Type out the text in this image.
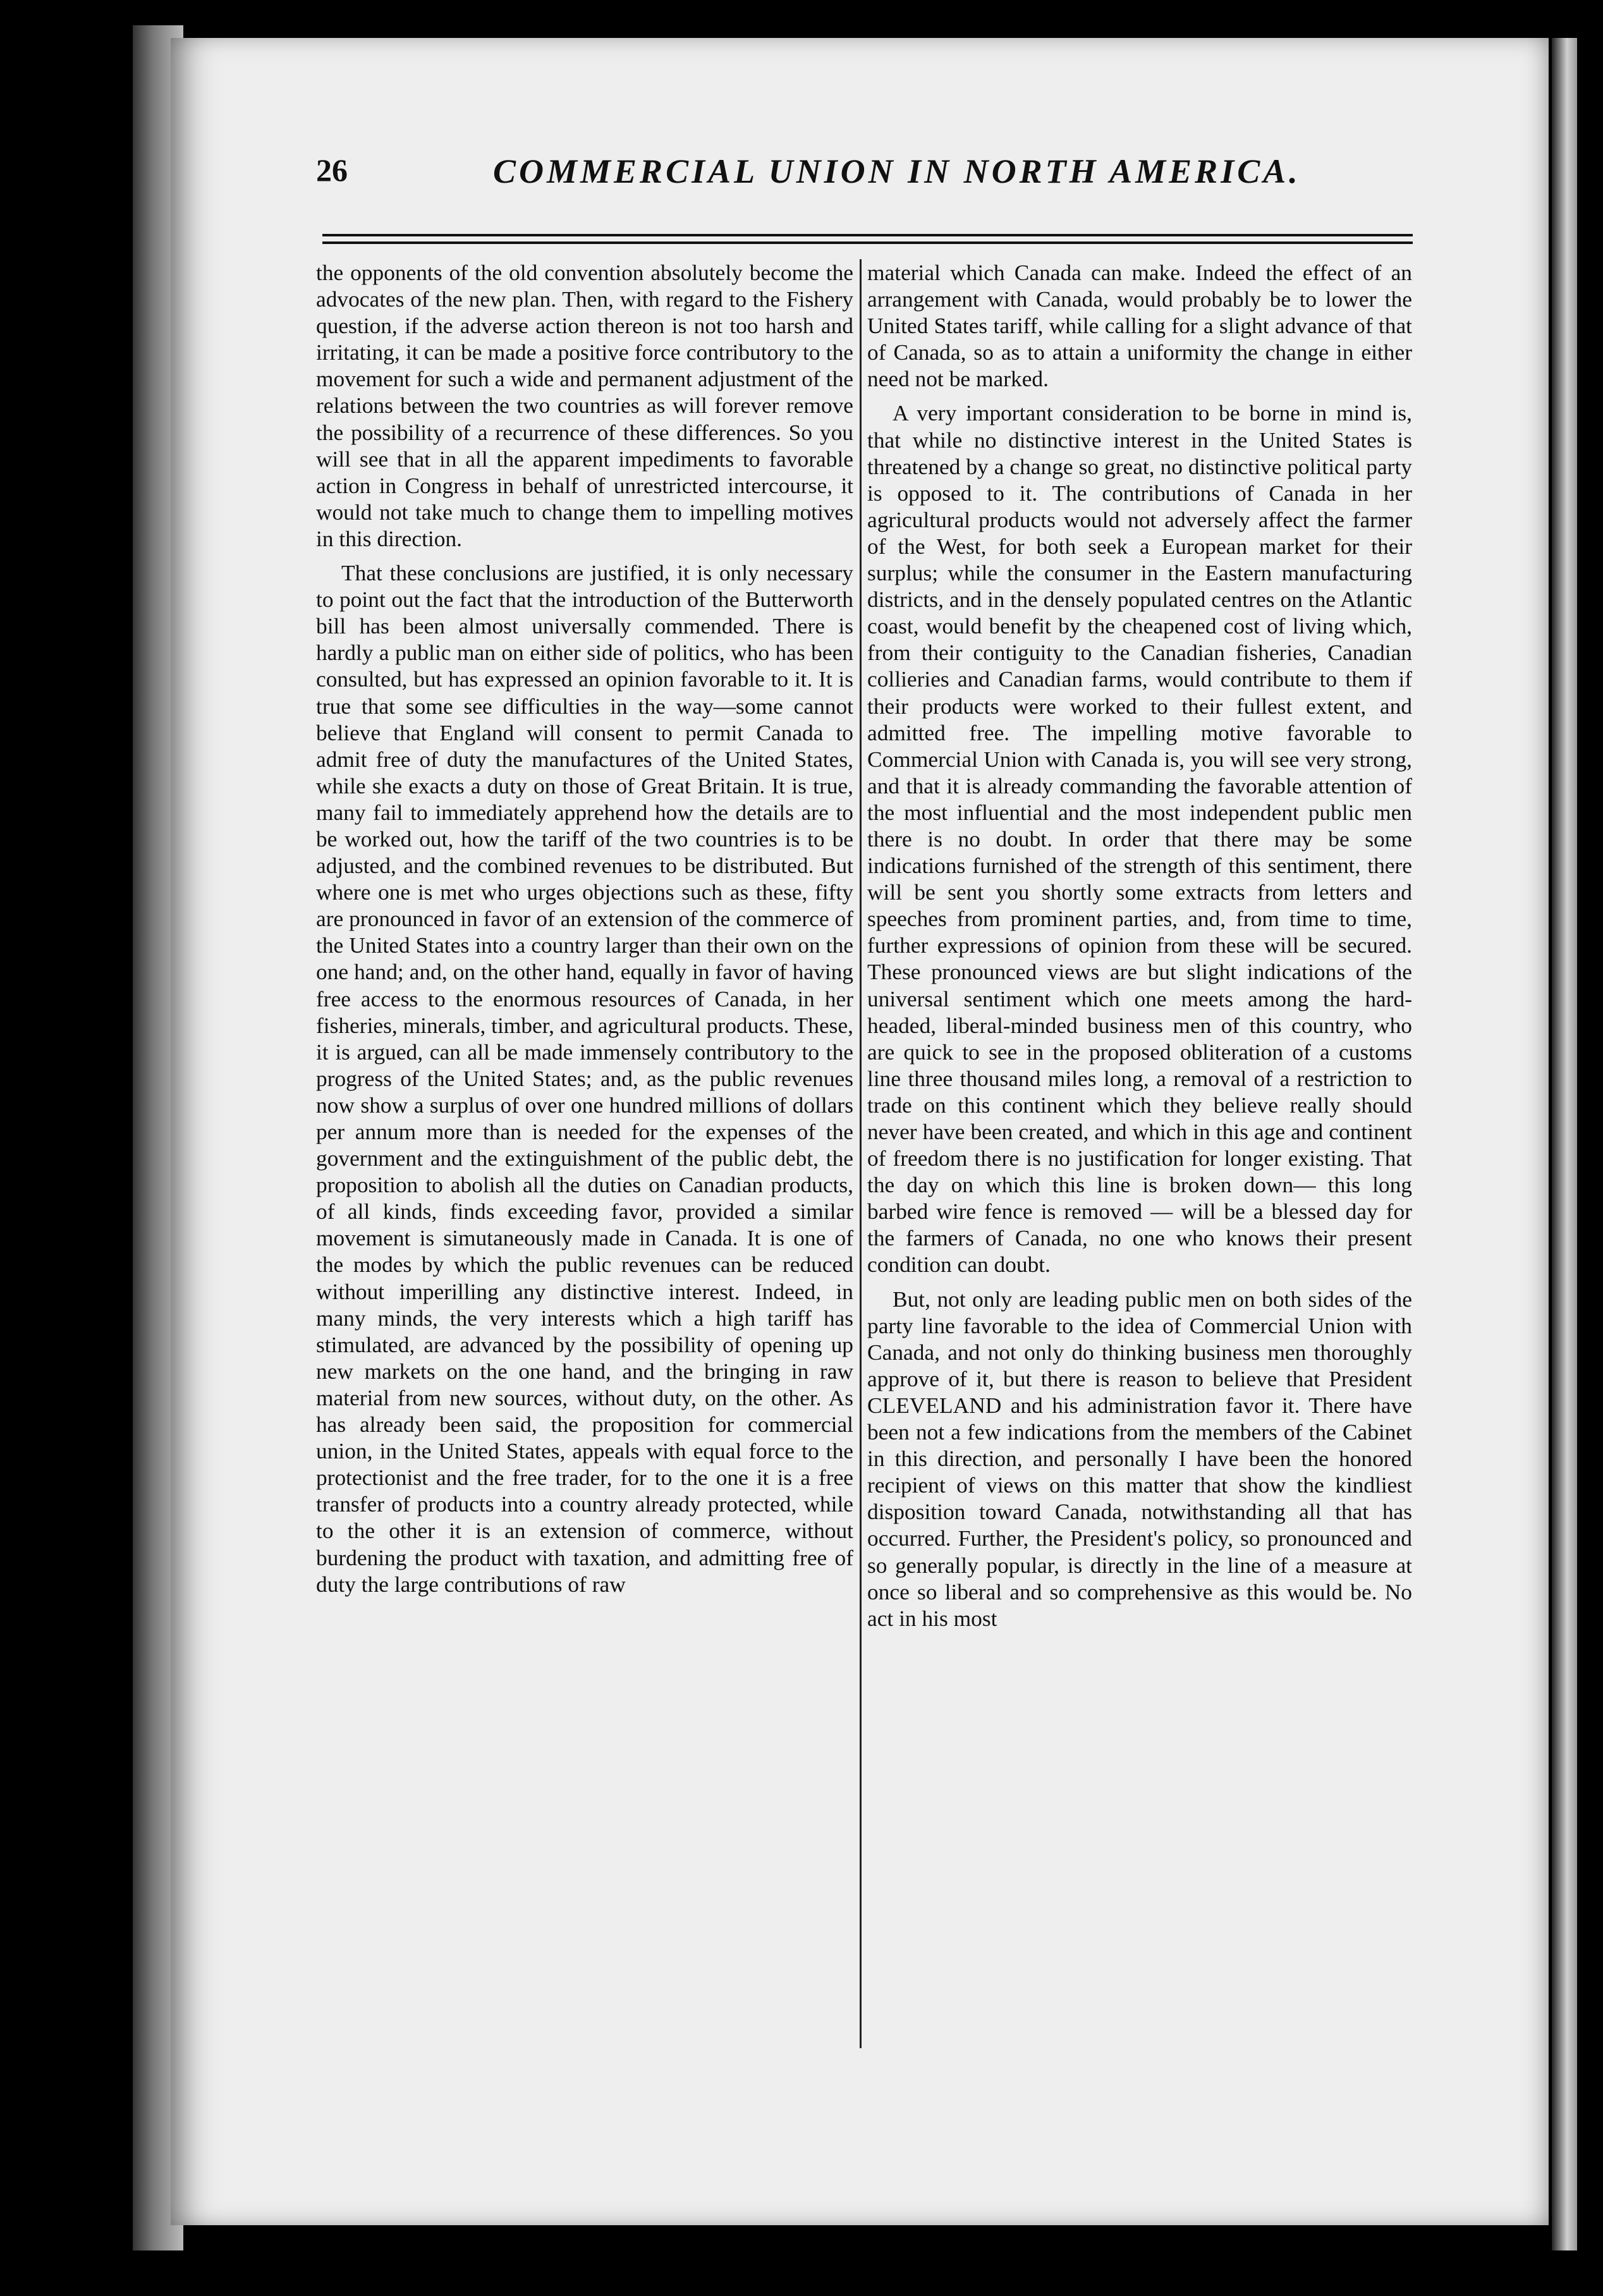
26	COMMERCIAL UNION IN NORTH AMERICA.

the opponents of the old convention absolutely become the advocates of the new plan. Then, with regard to the Fishery question, if the adverse action thereon is not too harsh and irritating, it can be made a positive force contributory to the movement for such a wide and permanent adjustment of the relations between the two countries as will forever remove the possibility of a recurrence of these differences. So you will see that in all the apparent impediments to favorable action in Congress in behalf of unrestricted intercourse, it would not take much to change them to impelling motives in this direction.

That these conclusions are justified, it is only necessary to point out the fact that the introduction of the Butterworth bill has been almost universally commended. There is hardly a public man on either side of politics, who has been consulted, but has expressed an opinion favorable to it. It is true that some see difficulties in the way—some cannot believe that England will consent to permit Canada to admit free of duty the manufactures of the United States, while she exacts a duty on those of Great Britain. It is true, many fail to immediately apprehend how the details are to be worked out, how the tariff of the two countries is to be adjusted, and the combined revenues to be distributed. But where one is met who urges objections such as these, fifty are pronounced in favor of an extension of the commerce of the United States into a country larger than their own on the one hand; and, on the other hand, equally in favor of having free access to the enormous resources of Canada, in her fisheries, minerals, timber, and agricultural products. These, it is argued, can all be made immensely contributory to the progress of the United States; and, as the public revenues now show a surplus of over one hundred millions of dollars per annum more than is needed for the expenses of the government and the extinguishment of the public debt, the proposition to abolish all the duties on Canadian products, of all kinds, finds exceeding favor, provided a similar movement is simutaneously made in Canada. It is one of the modes by which the public revenues can be reduced without imperilling any distinctive interest. Indeed, in many minds, the very interests which a high tariff has stimulated, are advanced by the possibility of opening up new markets on the one hand, and the bringing in raw material from new sources, without duty, on the other. As has already been said, the proposition for commercial union, in the United States, appeals with equal force to the protectionist and the free trader, for to the one it is a free transfer of products into a country already protected, while to the other it is an extension of commerce, without burdening the product with taxation, and admitting free of duty the large contributions of raw

material which Canada can make. Indeed the effect of an arrangement with Canada, would probably be to lower the United States tariff, while calling for a slight advance of that of Canada, so as to attain a uniformity the change in either need not be marked.

A very important consideration to be borne in mind is, that while no distinctive interest in the United States is threatened by a change so great, no distinctive political party is opposed to it. The contributions of Canada in her agricultural products would not adversely affect the farmer of the West, for both seek a European market for their surplus; while the consumer in the Eastern manufacturing districts, and in the densely populated centres on the Atlantic coast, would benefit by the cheapened cost of living which, from their contiguity to the Canadian fisheries, Canadian collieries and Canadian farms, would contribute to them if their products were worked to their fullest extent, and admitted free. The impelling motive favorable to Commercial Union with Canada is, you will see very strong, and that it is already commanding the favorable attention of the most influential and the most independent public men there is no doubt. In order that there may be some indications furnished of the strength of this sentiment, there will be sent you shortly some extracts from letters and speeches from prominent parties, and, from time to time, further expressions of opinion from these will be secured. These pronounced views are but slight indications of the universal sentiment which one meets among the hard-headed, liberal-minded business men of this country, who are quick to see in the proposed obliteration of a customs line three thousand miles long, a removal of a restriction to trade on this continent which they believe really should never have been created, and which in this age and continent of freedom there is no justification for longer existing. That the day on which this line is broken down— this long barbed wire fence is removed — will be a blessed day for the farmers of Canada, no one who knows their present condition can doubt.

But, not only are leading public men on both sides of the party line favorable to the idea of Commercial Union with Canada, and not only do thinking business men thoroughly approve of it, but there is reason to believe that President CLEVELAND and his administration favor it. There have been not a few indications from the members of the Cabinet in this direction, and personally I have been the honored recipient of views on this matter that show the kindliest disposition toward Canada, notwithstanding all that has occurred. Further, the President's policy, so pronounced and so generally popular, is directly in the line of a measure at once so liberal and so comprehensive as this would be. No act in his most
